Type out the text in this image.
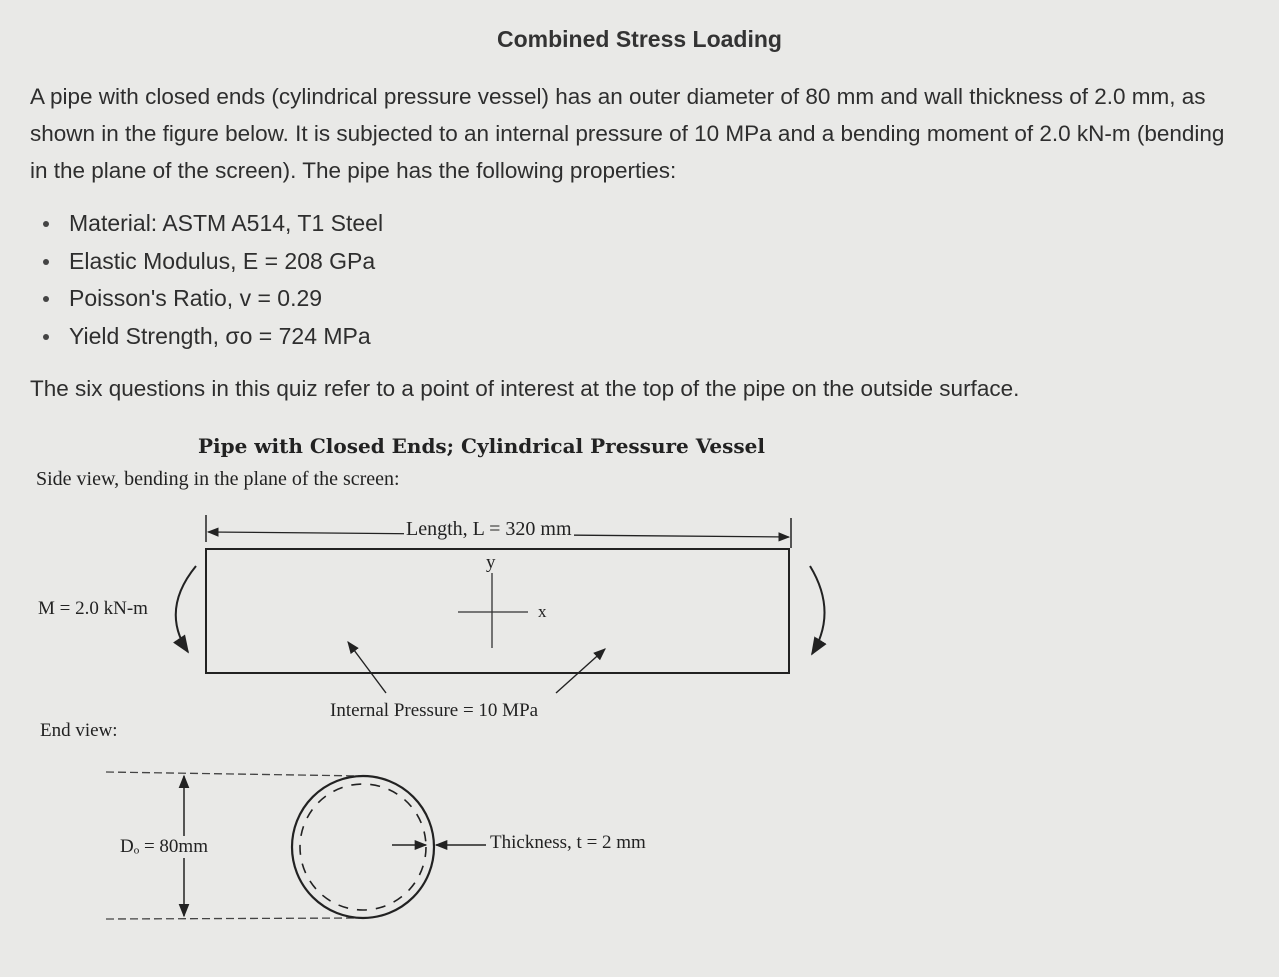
Combined Stress Loading
A pipe with closed ends (cylindrical pressure vessel) has an outer diameter of 80 mm and wall thickness of 2.0 mm, as shown in the figure below. It is subjected to an internal pressure of 10 MPa and a bending moment of 2.0 kN-m (bending in the plane of the screen). The pipe has the following properties:
Material: ASTM A514, T1 Steel
Elastic Modulus, E = 208 GPa
Poisson's Ratio, v = 0.29
Yield Strength, σo = 724 MPa
The six questions in this quiz refer to a point of interest at the top of the pipe on the outside surface.
Pipe with Closed Ends; Cylindrical Pressure Vessel
Side view, bending in the plane of the screen:
Length, L = 320 mm
y
x
M = 2.0 kN-m
Internal Pressure = 10 MPa
End view:
Dₒ = 80mm	Thickness, t = 2 mm
